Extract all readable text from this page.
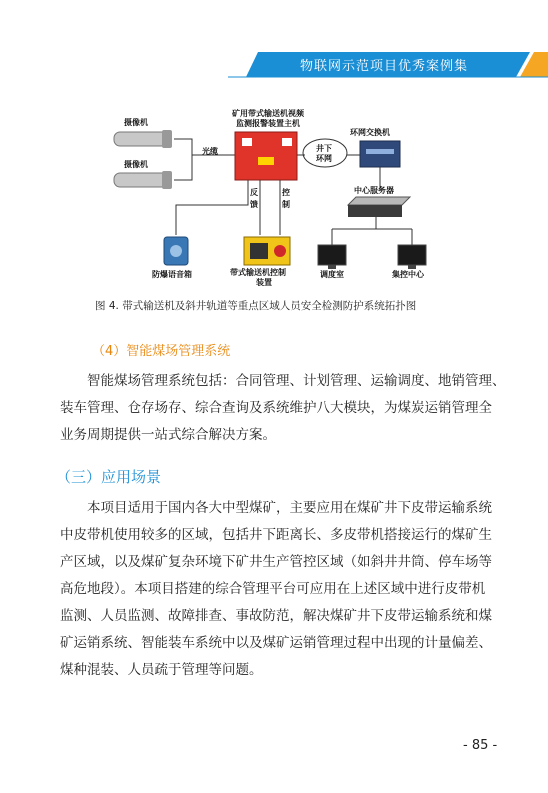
物联网示范项目优秀案例集
摄像机
摄像机
矿用带式输送机视频
监测报警装置主机
光缆	井下
环网
环网交换机
反
馈
控
制
中心服务器
防爆语音箱	带式输送机控制
装置
调度室	集控中心
图 4. 带式输送机及斜井轨道等重点区域人员安全检测防护系统拓扑图
（4）智能煤场管理系统
智能煤场管理系统包括：合同管理、计划管理、运输调度、地销管理、
装车管理、仓存场存、综合查询及系统维护八大模块，为煤炭运销管理全
业务周期提供一站式综合解决方案。
（三）应用场景
本项目适用于国内各大中型煤矿，主要应用在煤矿井下皮带运输系统
中皮带机使用较多的区域，包括井下距离长、多皮带机搭接运行的煤矿生
产区域，以及煤矿复杂环境下矿井生产管控区域（如斜井井筒、停车场等
高危地段）。本项目搭建的综合管理平台可应用在上述区域中进行皮带机
监测、人员监测、故障排查、事故防范，解决煤矿井下皮带运输系统和煤
矿运销系统、智能装车系统中以及煤矿运销管理过程中出现的计量偏差、
煤种混装、人员疏于管理等问题。
- 85 -
